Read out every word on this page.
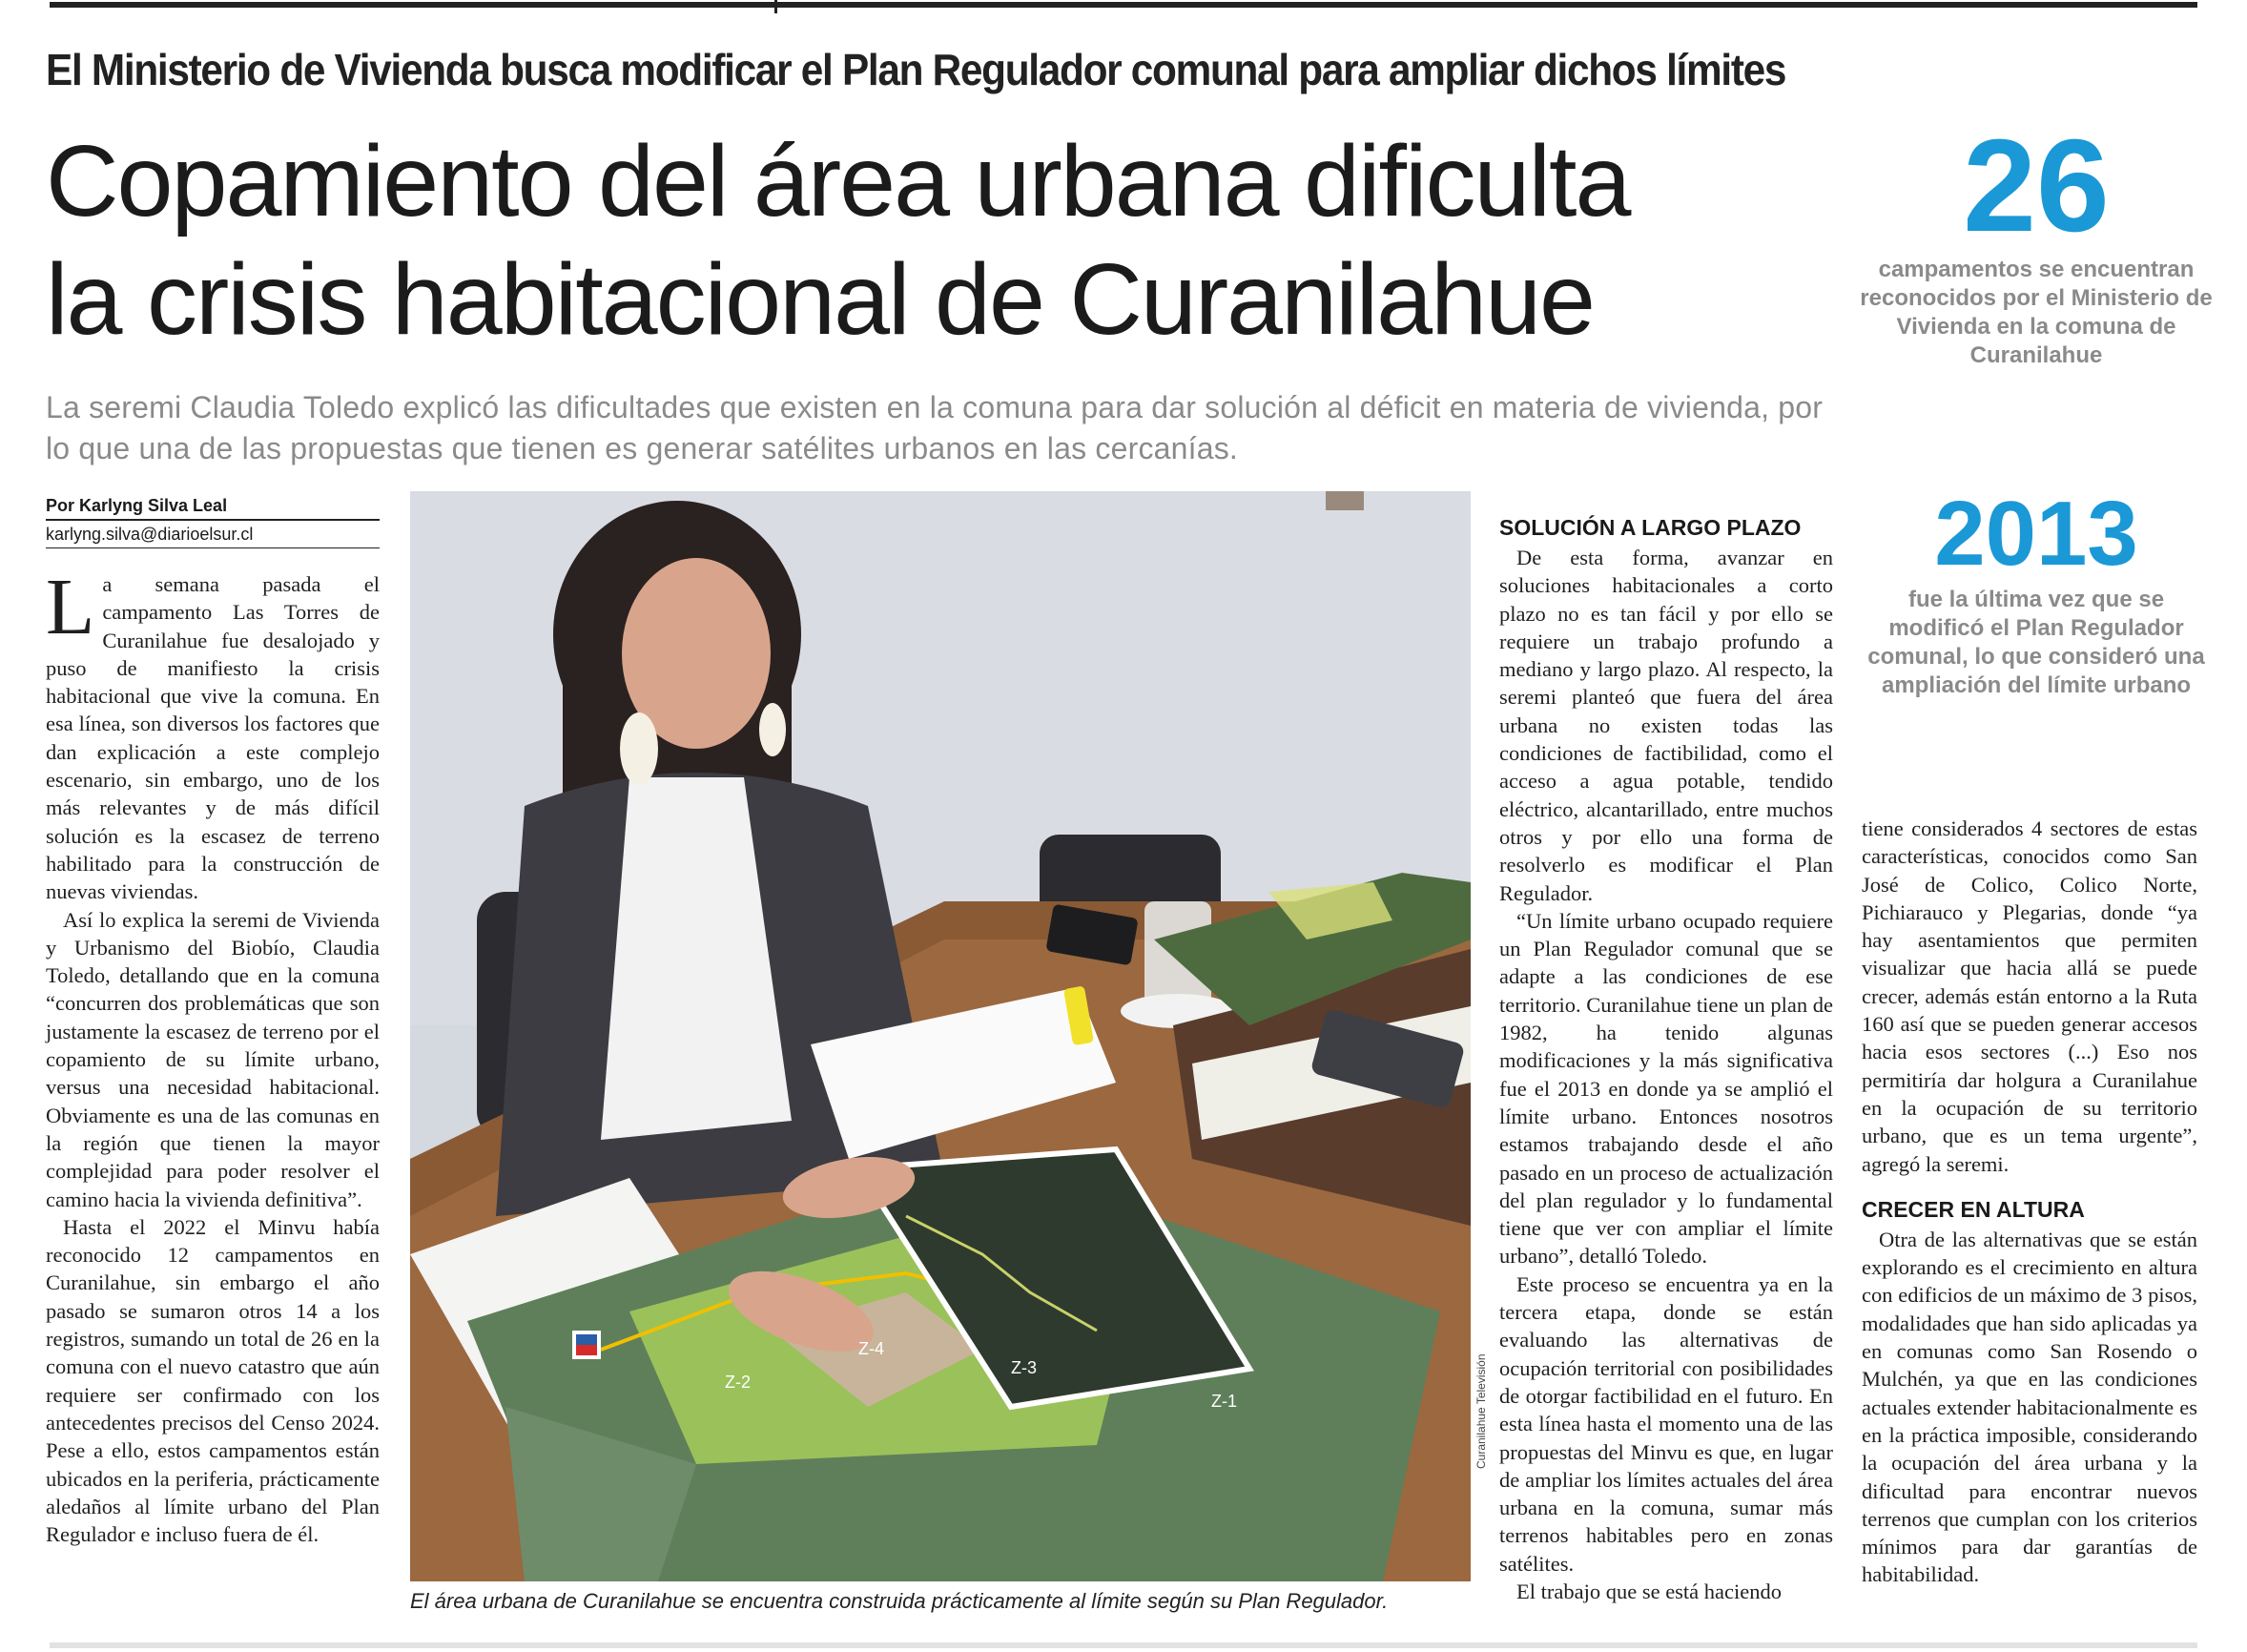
El Ministerio de Vivienda busca modificar el Plan Regulador comunal para ampliar dichos límites
Copamiento del área urbana dificulta
la crisis habitacional de Curanilahue
La seremi Claudia Toledo explicó las dificultades que existen en la comuna para dar solución al déficit en materia de vivienda, por lo que una de las propuestas que tienen es generar satélites urbanos en las cercanías.
26
campamentos se encuentran reconocidos por el Ministerio de Vivienda en la comuna de Curanilahue
2013
fue la última vez que se modificó el Plan Regulador comunal, lo que consideró una ampliación del límite urbano
Por Karlyng Silva Leal
karlyng.silva@diarioelsur.cl

La semana pasada el campamento Las Torres de Curanilahue fue desalojado y puso de manifiesto la crisis habitacional que vive la comuna. En esa línea, son diversos los factores que dan explicación a este complejo escenario, sin embargo, uno de los más relevantes y de más difícil solución es la escasez de terreno habilitado para la construcción de nuevas viviendas.

Así lo explica la seremi de Vivienda y Urbanismo del Biobío, Claudia Toledo, detallando que en la comuna “concurren dos problemáticas que son justamente la escasez de terreno por el copamiento de su límite urbano, versus una necesidad habitacional. Obviamente es una de las comunas en la región que tienen la mayor complejidad para poder resolver el camino hacia la vivienda definitiva”.

Hasta el 2022 el Minvu había reconocido 12 campamentos en Curanilahue, sin embargo el año pasado se sumaron otros 14 a los registros, sumando un total de 26 en la comuna con el nuevo catastro que aún requiere ser confirmado con los antecedentes precisos del Censo 2024. Pese a ello, estos campamentos están ubicados en la periferia, prácticamente aledaños al límite urbano del Plan Regulador e incluso fuera de él.

Z-2
Z-4
Z-3
Z-1	Curanilahue Televisión
El área urbana de Curanilahue se encuentra construida prácticamente al límite según su Plan Regulador.
SOLUCIÓN A LARGO PLAZO

De esta forma, avanzar en soluciones habitacionales a corto plazo no es tan fácil y por ello se requiere un trabajo profundo a mediano y largo plazo. Al respecto, la seremi planteó que fuera del área urbana no existen todas las condiciones de factibilidad, como el acceso a agua potable, tendido eléctrico, alcantarillado, entre muchos otros y por ello una forma de resolverlo es modificar el Plan Regulador.

“Un límite urbano ocupado requiere un Plan Regulador comunal que se adapte a las condiciones de ese territorio. Curanilahue tiene un plan de 1982, ha tenido algunas modificaciones y la más significativa fue el 2013 en donde ya se amplió el límite urbano. Entonces nosotros estamos trabajando desde el año pasado en un proceso de actualización del plan regulador y lo fundamental tiene que ver con ampliar el límite urbano”, detalló Toledo.

Este proceso se encuentra ya en la tercera etapa, donde se están evaluando las alternativas de ocupación territorial con posibilidades de otorgar factibilidad en el futuro. En esta línea hasta el momento una de las propuestas del Minvu es que, en lugar de ampliar los límites actuales del área urbana en la comuna, sumar más terrenos habitables pero en zonas satélites.

El trabajo que se está haciendo

tiene considerados 4 sectores de estas características, conocidos como San José de Colico, Colico Norte, Pichiarauco y Plegarias, donde “ya hay asentamientos que permiten visualizar que hacia allá se puede crecer, además están entorno a la Ruta 160 así que se pueden generar accesos hacia esos sectores (...) Eso nos permitiría dar holgura a Curanilahue en la ocupación de su territorio urbano, que es un tema urgente”, agregó la seremi.

CRECER EN ALTURA

Otra de las alternativas que se están explorando es el crecimiento en altura con edificios de un máximo de 3 pisos, modalidades que han sido aplicadas ya en comunas como San Rosendo o Mulchén, ya que en las condiciones actuales extender habitacionalmente es en la práctica imposible, considerando la ocupación del área urbana y la dificultad para encontrar nuevos terrenos que cumplan con los criterios mínimos para dar garantías de habitabilidad.
